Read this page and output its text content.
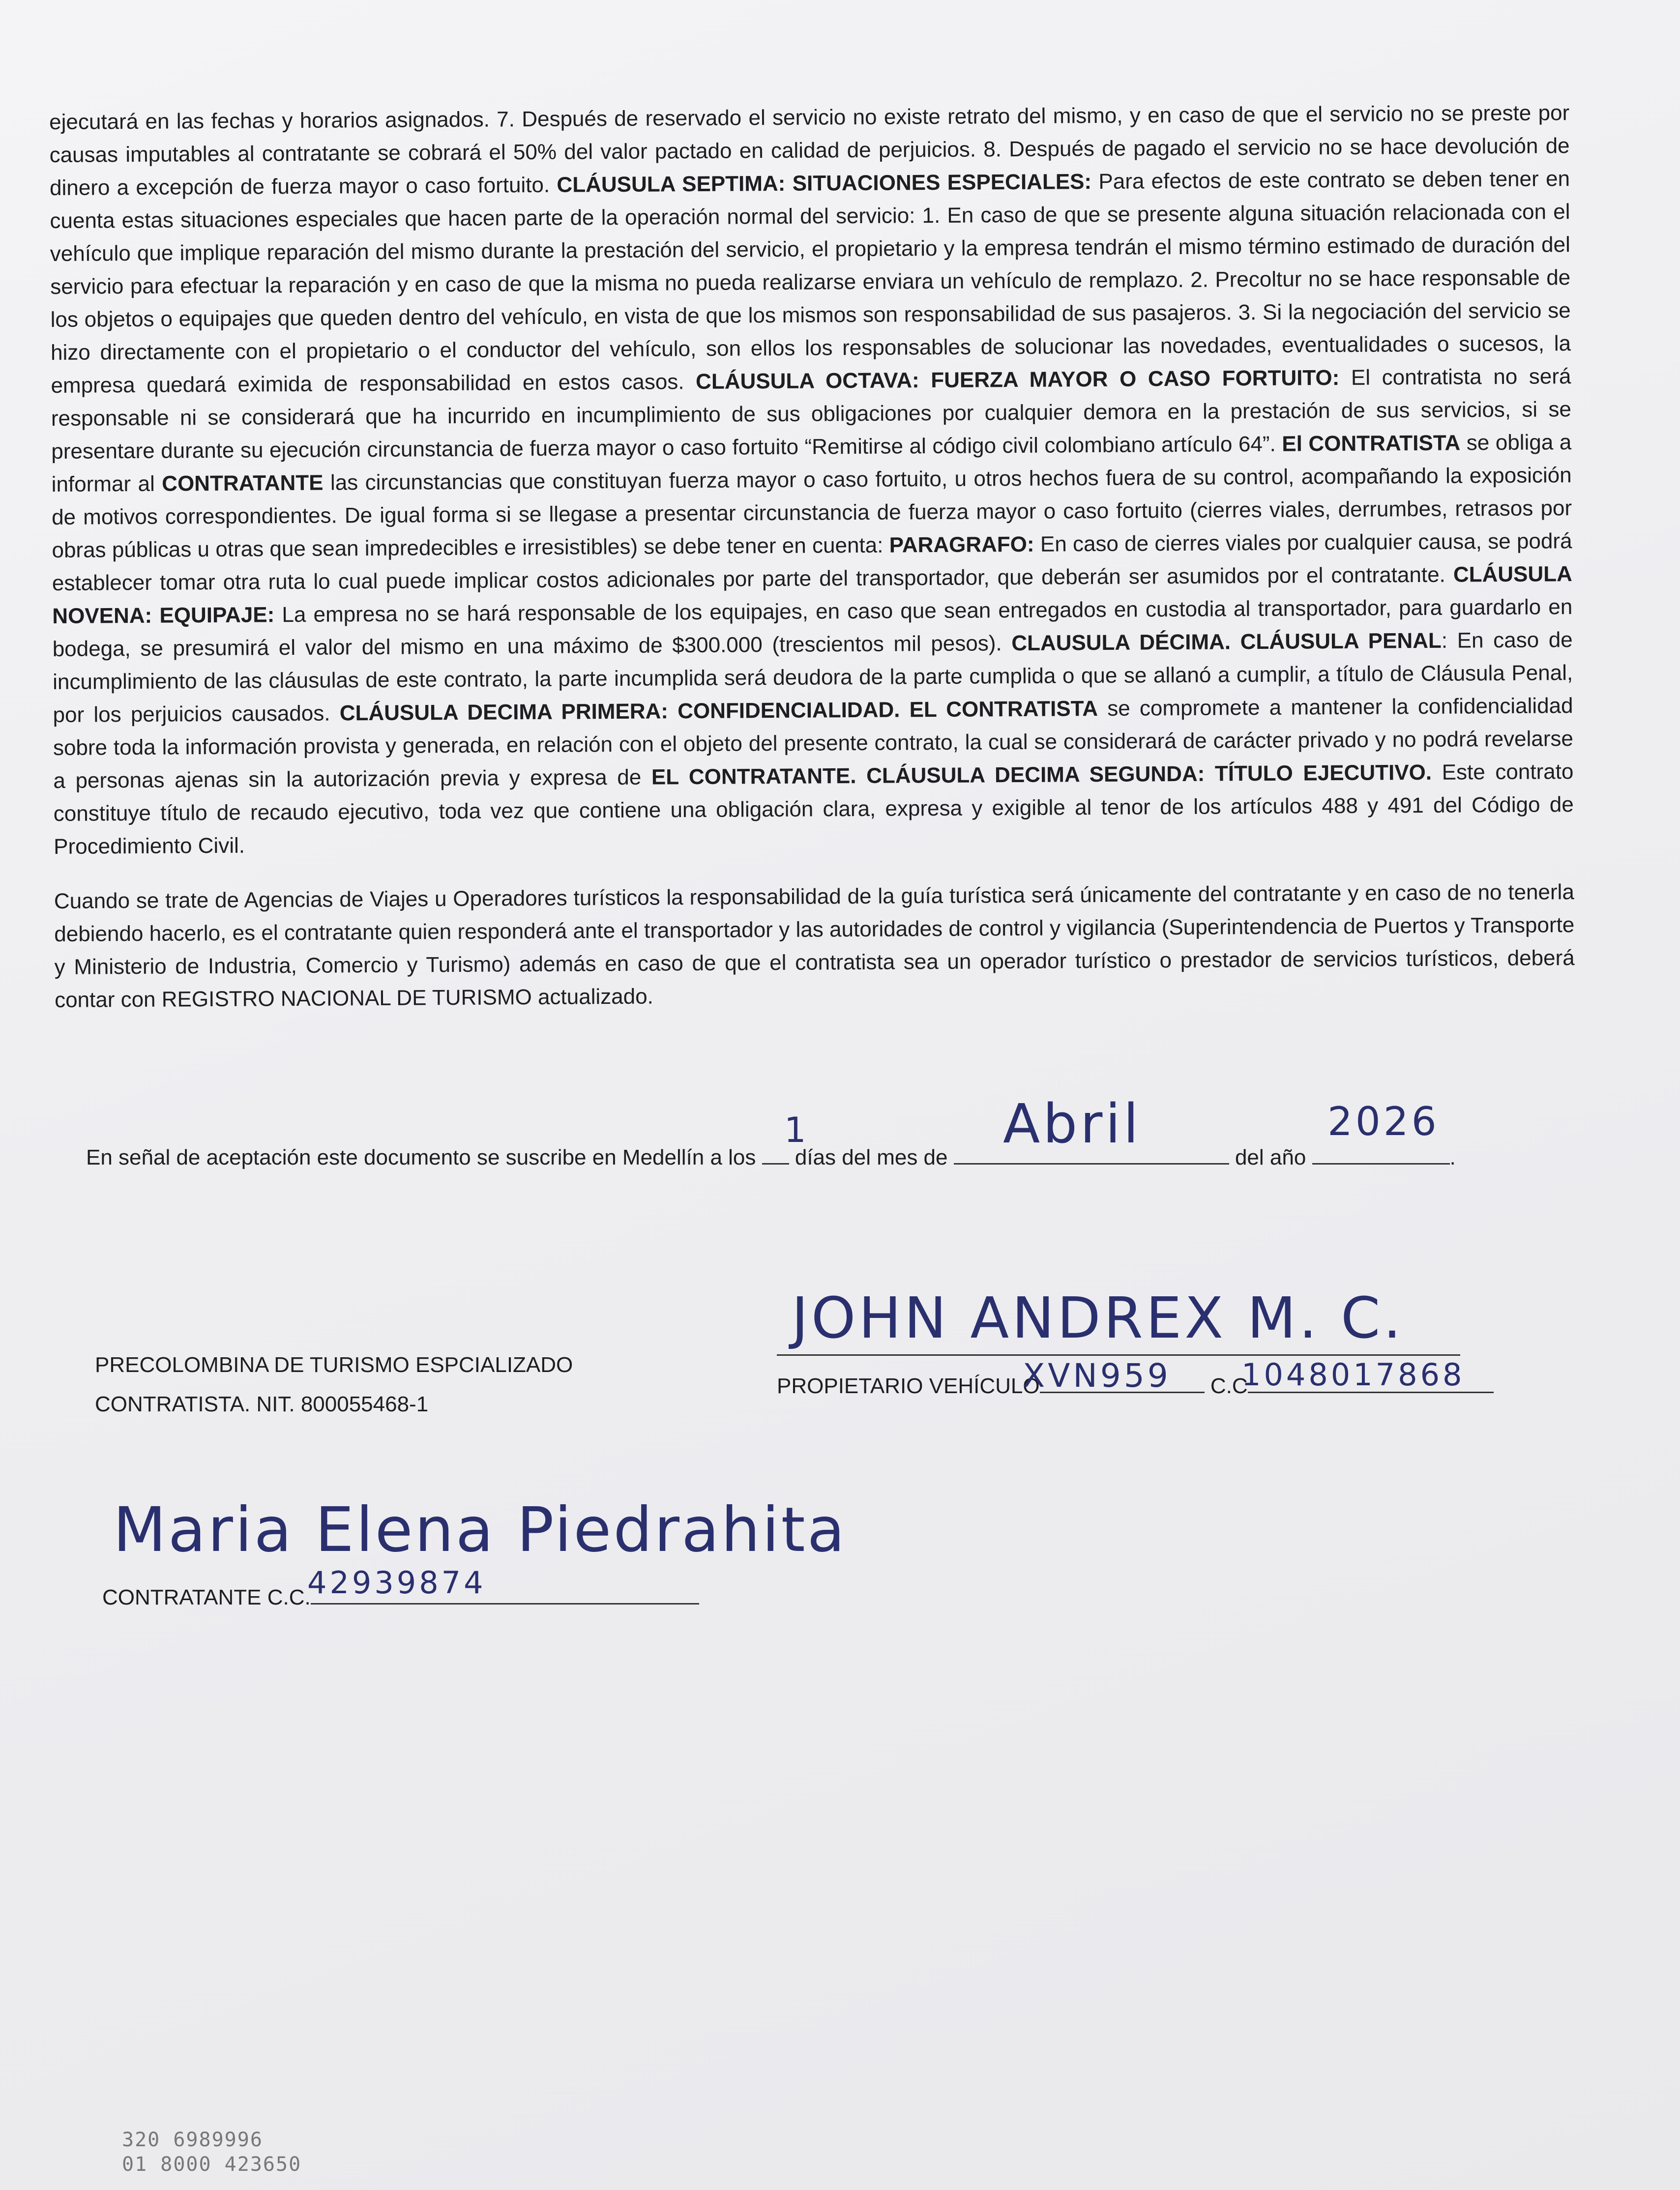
ejecutará en las fechas y horarios asignados. 7. Después de reservado el servicio no existe retrato del mismo, y en caso de que el servicio no se preste por causas imputables al contratante se cobrará el 50% del valor pactado en calidad de perjuicios. 8. Después de pagado el servicio no se hace devolución de dinero a excepción de fuerza mayor o caso fortuito. CLÁUSULA SEPTIMA: SITUACIONES ESPECIALES: Para efectos de este contrato se deben tener en cuenta estas situaciones especiales que hacen parte de la operación normal del servicio: 1. En caso de que se presente alguna situación relacionada con el vehículo que implique reparación del mismo durante la prestación del servicio, el propietario y la empresa tendrán el mismo término estimado de duración del servicio para efectuar la reparación y en caso de que la misma no pueda realizarse enviara un vehículo de remplazo. 2. Precoltur no se hace responsable de los objetos o equipajes que queden dentro del vehículo, en vista de que los mismos son responsabilidad de sus pasajeros. 3. Si la negociación del servicio se hizo directamente con el propietario o el conductor del vehículo, son ellos los responsables de solucionar las novedades, eventualidades o sucesos, la empresa quedará eximida de responsabilidad en estos casos. CLÁUSULA OCTAVA: FUERZA MAYOR O CASO FORTUITO: El contratista no será responsable ni se considerará que ha incurrido en incumplimiento de sus obligaciones por cualquier demora en la prestación de sus servicios, si se presentare durante su ejecución circunstancia de fuerza mayor o caso fortuito “Remitirse al código civil colombiano artículo 64”. El CONTRATISTA se obliga a informar al CONTRATANTE las circunstancias que constituyan fuerza mayor o caso fortuito, u otros hechos fuera de su control, acompañando la exposición de motivos correspondientes. De igual forma si se llegase a presentar circunstancia de fuerza mayor o caso fortuito (cierres viales, derrumbes, retrasos por obras públicas u otras que sean impredecibles e irresistibles) se debe tener en cuenta: PARAGRAFO: En caso de cierres viales por cualquier causa, se podrá establecer tomar otra ruta lo cual puede implicar costos adicionales por parte del transportador, que deberán ser asumidos por el contratante. CLÁUSULA NOVENA: EQUIPAJE: La empresa no se hará responsable de los equipajes, en caso que sean entregados en custodia al transportador, para guardarlo en bodega, se presumirá el valor del mismo en una máximo de $300.000 (trescientos mil pesos). CLAUSULA DÉCIMA. CLÁUSULA PENAL: En caso de incumplimiento de las cláusulas de este contrato, la parte incumplida será deudora de la parte cumplida o que se allanó a cumplir, a título de Cláusula Penal, por los perjuicios causados. CLÁUSULA DECIMA PRIMERA: CONFIDENCIALIDAD. EL CONTRATISTA se compromete a mantener la confidencialidad sobre toda la información provista y generada, en relación con el objeto del presente contrato, la cual se considerará de carácter privado y no podrá revelarse a personas ajenas sin la autorización previa y expresa de EL CONTRATANTE. CLÁUSULA DECIMA SEGUNDA: TÍTULO EJECUTIVO. Este contrato constituye título de recaudo ejecutivo, toda vez que contiene una obligación clara, expresa y exigible al tenor de los artículos 488 y 491 del Código de Procedimiento Civil.

Cuando se trate de Agencias de Viajes u Operadores turísticos la responsabilidad de la guía turística será únicamente del contratante y en caso de no tenerla debiendo hacerlo, es el contratante quien responderá ante el transportador y las autoridades de control y vigilancia (Superintendencia de Puertos y Transporte y Ministerio de Industria, Comercio y Turismo) además en caso de que el contratista sea un operador turístico o prestador de servicios turísticos, deberá contar con REGISTRO NACIONAL DE TURISMO actualizado.

En señal de aceptación este documento se suscribe en Medellín a los días del mes de	del año	.
1	Abril	2026
PRECOLOMBINA DE TURISMO ESPCIALIZADO
CONTRATISTA. NIT. 800055468-1
JOHN ANDREX M. C.
PROPIETARIO VEHÍCULO	C.C
XVN959 1048017868
Maria Elena Piedrahita
CONTRATANTE C.C.
42939874
320 6989996
01 8000 423650
